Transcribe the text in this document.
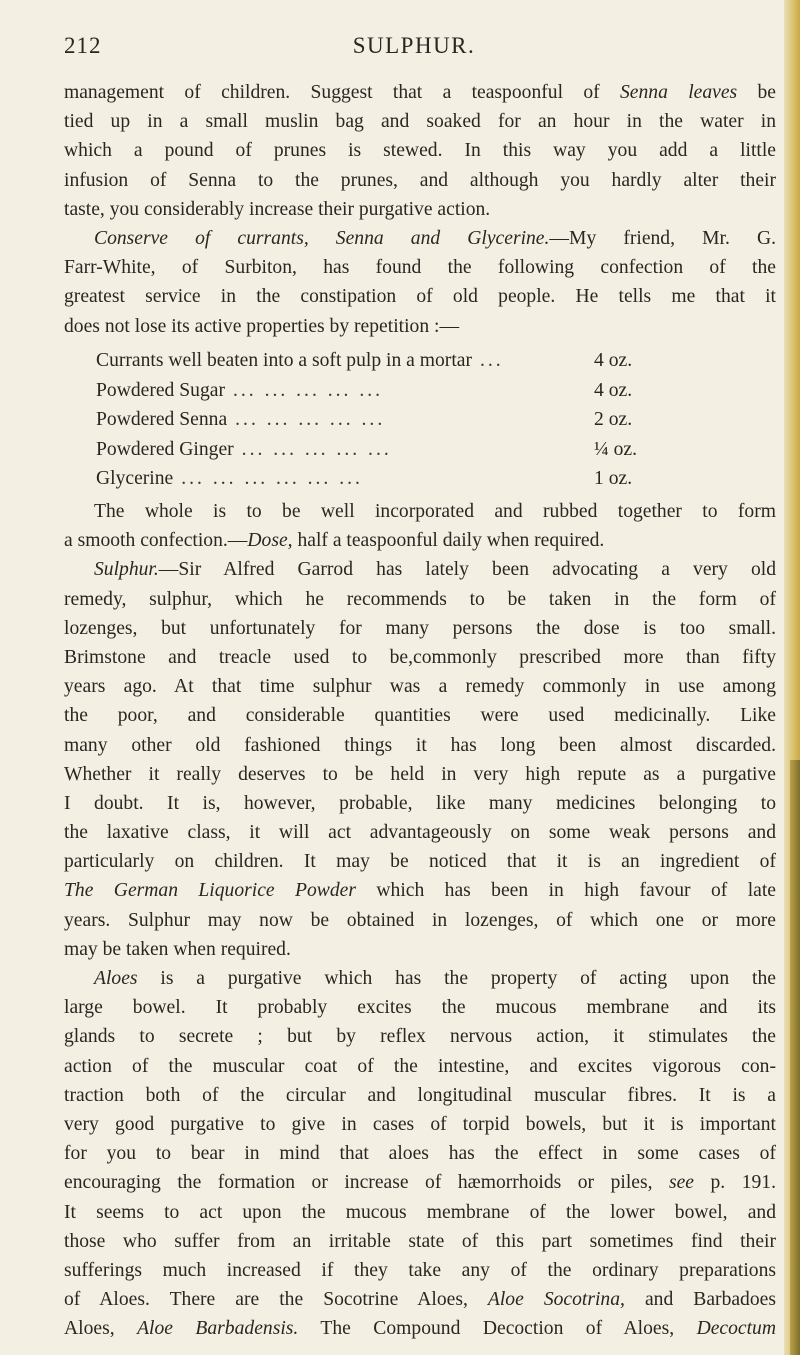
212	SULPHUR.
management of children. Suggest that a teaspoonful of Senna leaves be
tied up in a small muslin bag and soaked for an hour in the water in
which a pound of prunes is stewed. In this way you add a little
infusion of Senna to the prunes, and although you hardly alter their
taste, you considerably increase their purgative action.
Conserve of currants, Senna and Glycerine.—My friend, Mr. G.
Farr-White, of Surbiton, has found the following confection of the
greatest service in the constipation of old people. He tells me that it
does not lose its active properties by repetition :—
Currants well beaten into a soft pulp in a mortar ...	4 oz.
Powdered Sugar ... ... ... ... ...	4 oz.
Powdered Senna ... ... ... ... ...	2 oz.
Powdered Ginger ... ... ... ... ...	¼ oz.
Glycerine ... ... ... ... ... ...	1 oz.
The whole is to be well incorporated and rubbed together to form
a smooth confection.—Dose, half a teaspoonful daily when required.
Sulphur.—Sir Alfred Garrod has lately been advocating a very old
remedy, sulphur, which he recommends to be taken in the form of
lozenges, but unfortunately for many persons the dose is too small.
Brimstone and treacle used to be,commonly prescribed more than fifty
years ago. At that time sulphur was a remedy commonly in use among
the poor, and considerable quantities were used medicinally. Like
many other old fashioned things it has long been almost discarded.
Whether it really deserves to be held in very high repute as a purgative
I doubt. It is, however, probable, like many medicines belonging to
the laxative class, it will act advantageously on some weak persons and
particularly on children. It may be noticed that it is an ingredient of
The German Liquorice Powder which has been in high favour of late
years. Sulphur may now be obtained in lozenges, of which one or more
may be taken when required.
Aloes is a purgative which has the property of acting upon the
large bowel. It probably excites the mucous membrane and its
glands to secrete ; but by reflex nervous action, it stimulates the
action of the muscular coat of the intestine, and excites vigorous con-
traction both of the circular and longitudinal muscular fibres. It is a
very good purgative to give in cases of torpid bowels, but it is important
for you to bear in mind that aloes has the effect in some cases of
encouraging the formation or increase of hæmorrhoids or piles, see p. 191.
It seems to act upon the mucous membrane of the lower bowel, and
those who suffer from an irritable state of this part sometimes find their
sufferings much increased if they take any of the ordinary preparations
of Aloes. There are the Socotrine Aloes, Aloe Socotrina, and Barbadoes
Aloes, Aloe Barbadensis. The Compound Decoction of Aloes, Decoctum
